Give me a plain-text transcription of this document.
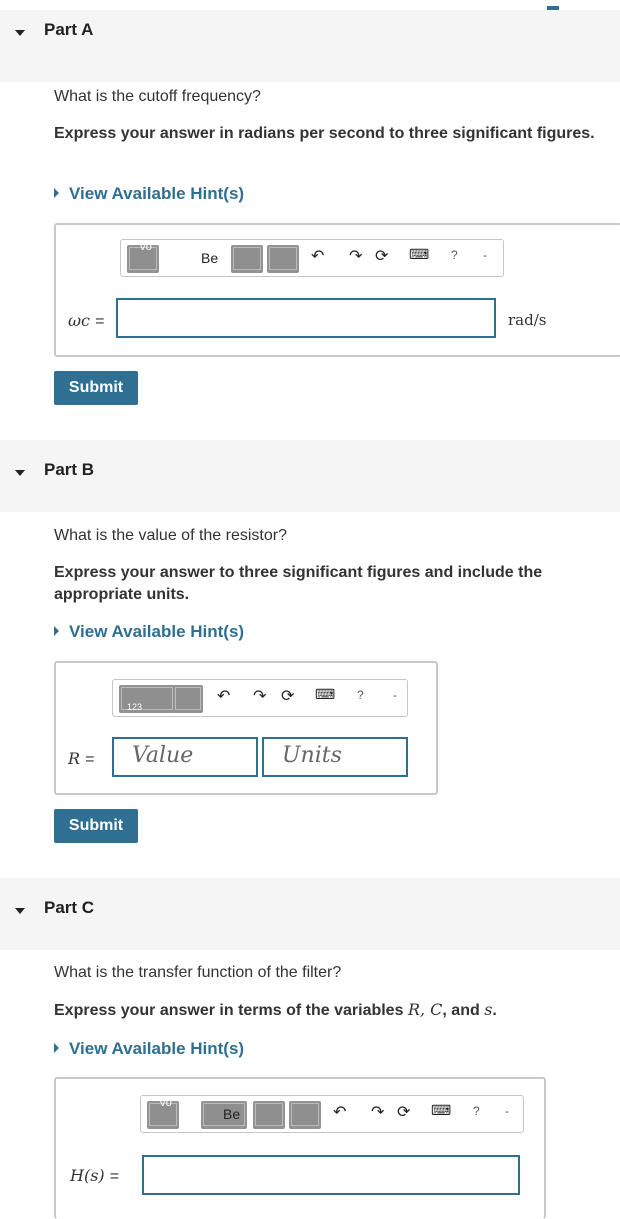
Part A
What is the cutoff frequency?
Express your answer in radians per second to three significant figures.
View Available Hint(s)
Vo
Be	↶ ↷ ⟳ ⌨ ? -
ωc =	rad/s
Submit
Part B
What is the value of the resistor?
Express your answer to three significant figures and include the appropriate units.
View Available Hint(s)
123
↶ ↷ ⟳ ⌨ ? -
R = Value	Units
Submit
Part C
What is the transfer function of the filter?
Express your answer in terms of the variables R, C, and s.
View Available Hint(s)
Vo
Be	↶ ↷ ⟳ ⌨ ? -
H(s) =
